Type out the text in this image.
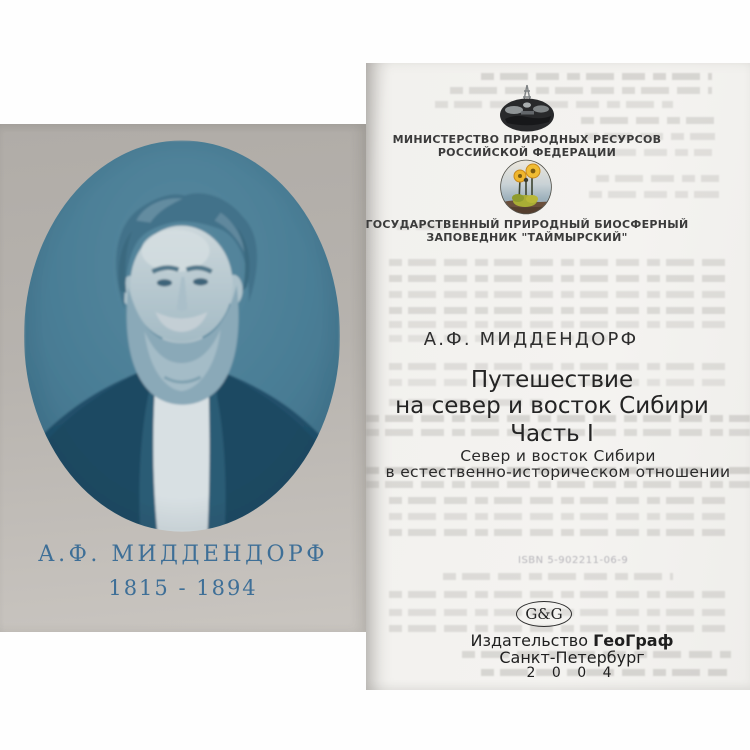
А.Ф. МИДДЕНДОРФ
1815 - 1894
ISBN 5-902211-06-9
МИНИСТЕРСТВО ПРИРОДНЫХ РЕСУРСОВ
РОССИЙСКОЙ ФЕДЕРАЦИИ
ГОСУДАРСТВЕННЫЙ ПРИРОДНЫЙ БИОСФЕРНЫЙ
ЗАПОВЕДНИК "ТАЙМЫРСКИЙ"
А.Ф. МИДДЕНДОРФ
Путешествие
на север и восток Сибири
Часть I
Север и восток Сибири
в естественно-историческом отношении
G&G
Издательство ГеоГраф
Санкт-Петербург
2 0 0 4
